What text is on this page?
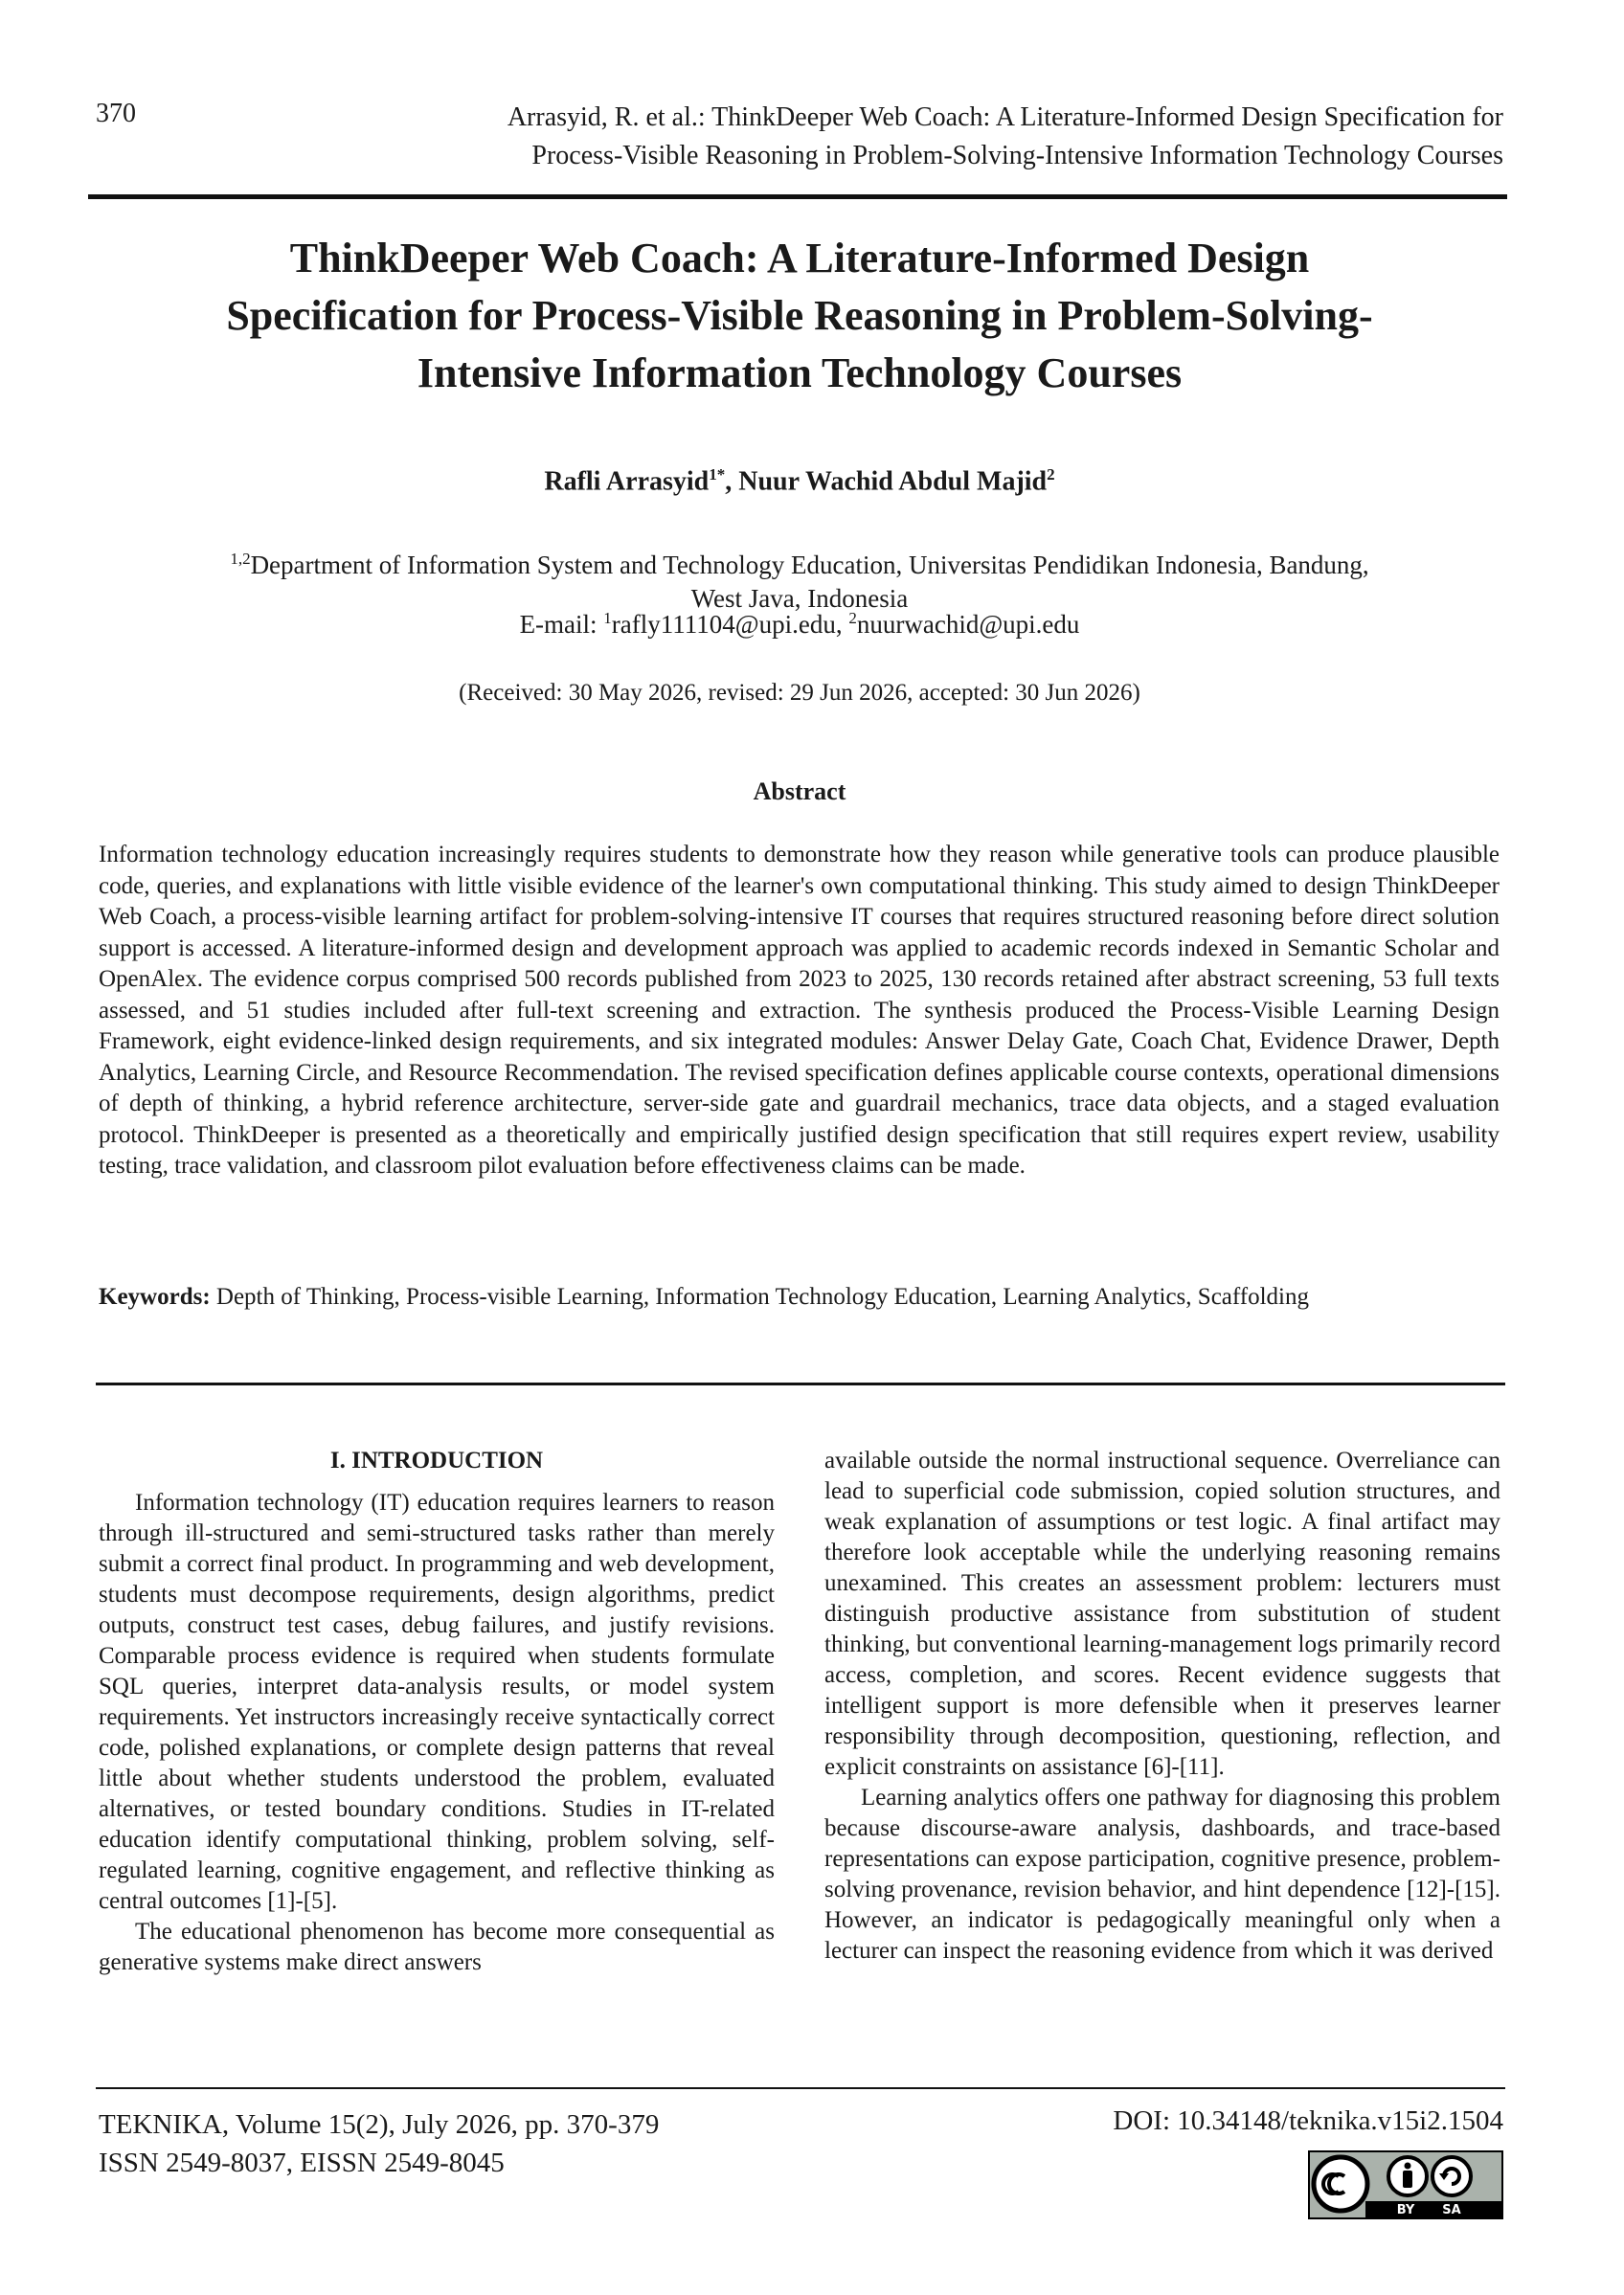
370	Arrasyid, R. et al.: ThinkDeeper Web Coach: A Literature-Informed Design Specification for
Process-Visible Reasoning in Problem-Solving-Intensive Information Technology Courses
ThinkDeeper Web Coach: A Literature-Informed Design
Specification for Process-Visible Reasoning in Problem-Solving-
Intensive Information Technology Courses
Rafli Arrasyid$^{1*}$, Nuur Wachid Abdul Majid$^2$
$^{1,2}$Department of Information System and Technology Education, Universitas Pendidikan Indonesia, Bandung,
West Java, Indonesia
E-mail: $^1$rafly111104@upi.edu, $^2$nuurwachid@upi.edu
(Received: 30 May 2026, revised: 29 Jun 2026, accepted: 30 Jun 2026)
Abstract

Information technology education increasingly requires students to demonstrate how they reason while generative tools can produce plausible code, queries, and explanations with little visible evidence of the learner's own computational thinking. This study aimed to design ThinkDeeper Web Coach, a process-visible learning artifact for problem-solving-intensive IT courses that requires structured reasoning before direct solution support is accessed. A literature-informed design and development approach was applied to academic records indexed in Semantic Scholar and OpenAlex. The evidence corpus comprised 500 records published from 2023 to 2025, 130 records retained after abstract screening, 53 full texts assessed, and 51 studies included after full-text screening and extraction. The synthesis produced the Process-Visible Learning Design Framework, eight evidence-linked design requirements, and six integrated modules: Answer Delay Gate, Coach Chat, Evidence Drawer, Depth Analytics, Learning Circle, and Resource Recommendation. The revised specification defines applicable course contexts, operational dimensions of depth of thinking, a hybrid reference architecture, server-side gate and guardrail mechanics, trace data objects, and a staged evaluation protocol. ThinkDeeper is presented as a theoretically and empirically justified design specification that still requires expert review, usability testing, trace validation, and classroom pilot evaluation before effectiveness claims can be made.

Keywords: Depth of Thinking, Process-visible Learning, Information Technology Education, Learning Analytics, Scaffolding
I. INTRODUCTION

Information technology (IT) education requires learners to reason through ill-structured and semi-structured tasks rather than merely submit a correct final product. In programming and web development, students must decompose requirements, design algorithms, predict outputs, construct test cases, debug failures, and justify revisions. Comparable process evidence is required when students formulate SQL queries, interpret data-analysis results, or model system requirements. Yet instructors increasingly receive syntactically correct code, polished explanations, or complete design patterns that reveal little about whether students understood the problem, evaluated alternatives, or tested boundary conditions. Studies in IT-related education identify computational thinking, problem solving, self-regulated learning, cognitive engagement, and reflective thinking as central outcomes [1]-[5].

The educational phenomenon has become more consequential as generative systems make direct answers

available outside the normal instructional sequence. Overreliance can lead to superficial code submission, copied solution structures, and weak explanation of assumptions or test logic. A final artifact may therefore look acceptable while the underlying reasoning remains unexamined. This creates an assessment problem: lecturers must distinguish productive assistance from substitution of student thinking, but conventional learning-management logs primarily record access, completion, and scores. Recent evidence suggests that intelligent support is more defensible when it preserves learner responsibility through decomposition, questioning, reflection, and explicit constraints on assistance [6]-[11].

Learning analytics offers one pathway for diagnosing this problem because discourse-aware analysis, dashboards, and trace-based representations can expose participation, cognitive presence, problem-solving provenance, revision behavior, and hint dependence [12]-[15]. However, an indicator is pedagogically meaningful only when a lecturer can inspect the reasoning evidence from which it was derived

TEKNIKA, Volume 15(2), July 2026, pp. 370-379
ISSN 2549-8037, EISSN 2549-8045
DOI: 10.34148/teknika.v15i2.1504
BY SA
